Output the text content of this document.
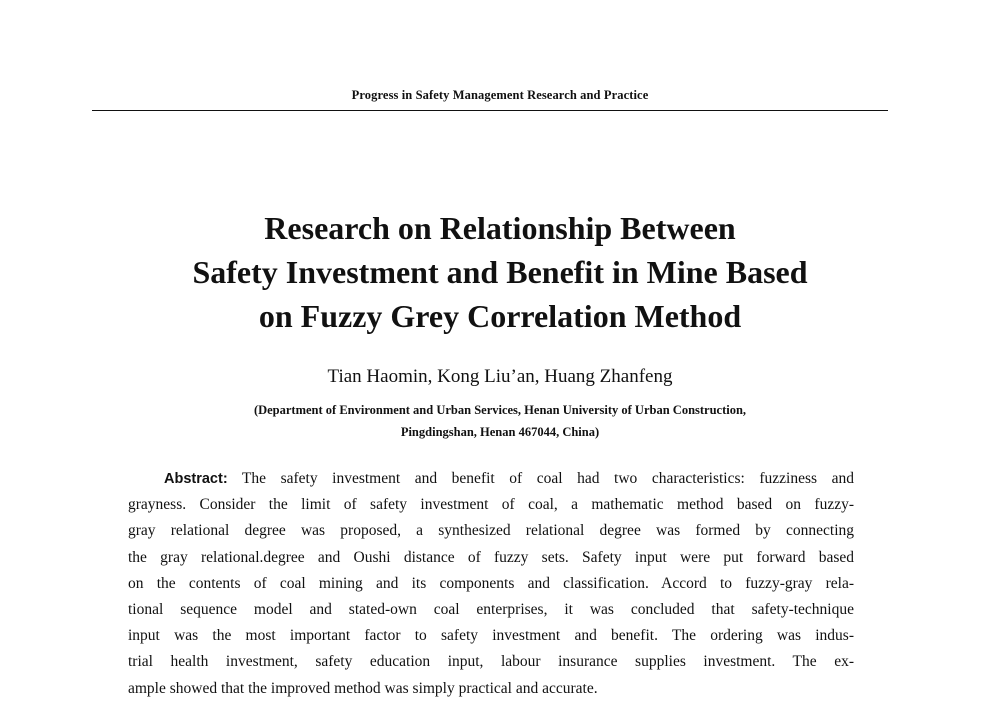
Progress in Safety Management Research and Practice
Research on Relationship Between
Safety Investment and Benefit in Mine Based
on Fuzzy Grey Correlation Method
Tian Haomin, Kong Liu’an, Huang Zhanfeng
(Department of Environment and Urban Services, Henan University of Urban Construction,
Pingdingshan, Henan 467044, China)
Abstract: The safety investment and benefit of coal had two characteristics: fuzziness and
grayness. Consider the limit of safety investment of coal, a mathematic method based on fuzzy-
gray relational degree was proposed, a synthesized relational degree was formed by connecting
the gray relational.degree and Oushi distance of fuzzy sets. Safety input were put forward based
on the contents of coal mining and its components and classification. Accord to fuzzy-gray rela-
tional sequence model and stated-own coal enterprises, it was concluded that safety-technique
input was the most important factor to safety investment and benefit. The ordering was indus-
trial health investment, safety education input, labour insurance supplies investment. The ex-
ample showed that the improved method was simply practical and accurate.
